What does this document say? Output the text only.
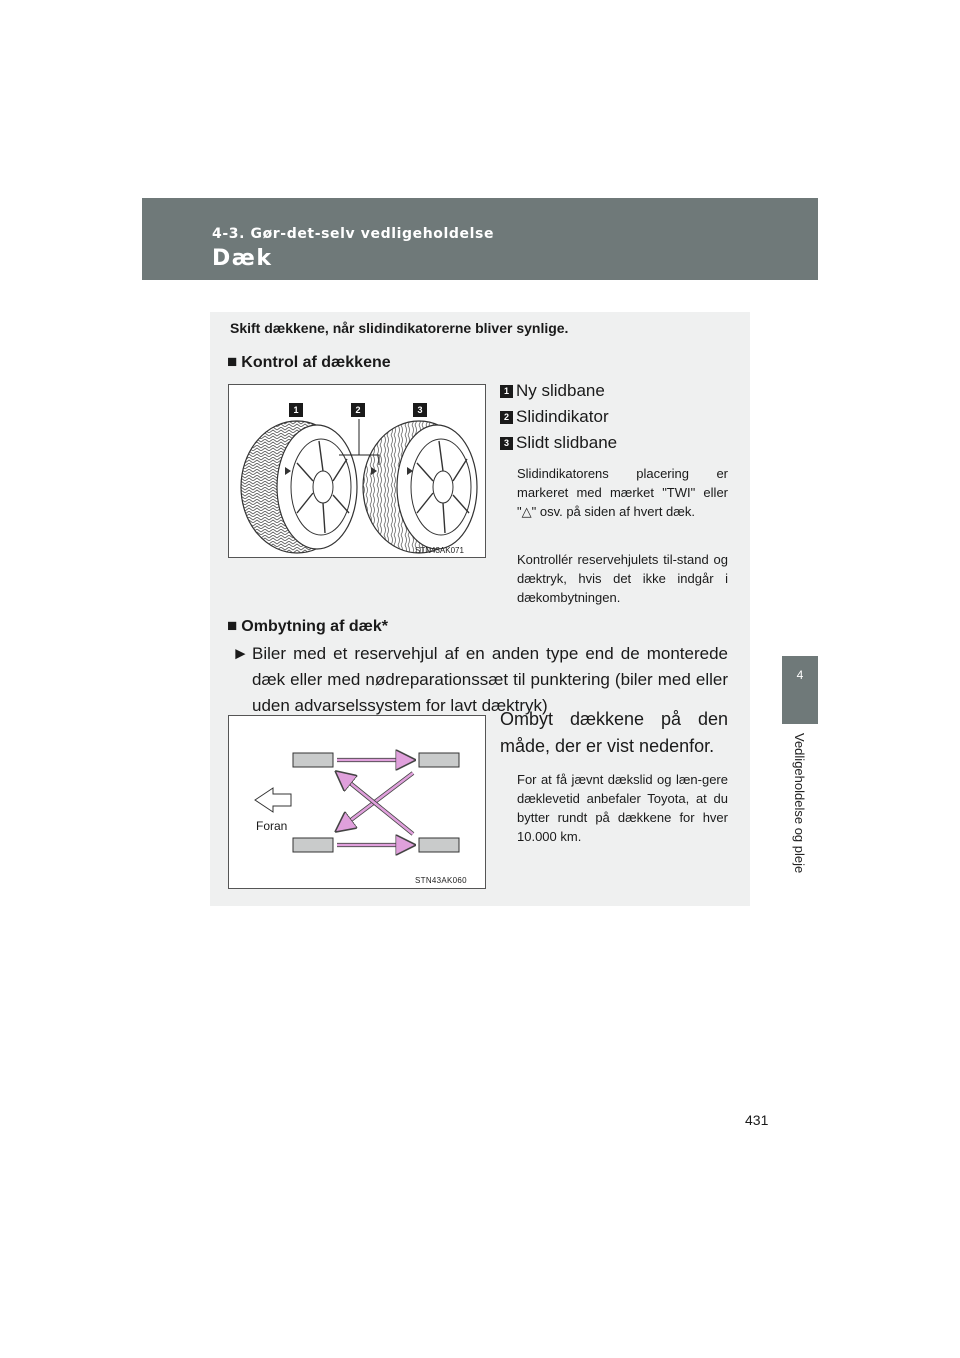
4-3. Gør-det-selv vedligeholdelse
Dæk
4
Vedligeholdelse og pleje
Skift dækkene, når slidindikatorerne bliver synlige.
■ Kontrol af dækkene
STN43AK071
1	2	3
1 Ny slidbane
2 Slidindikator
3 Slidt slidbane
Slidindikatorens placering er markeret med mærket "TWI" eller "△" osv. på siden af hvert dæk.
Kontrollér reservehjulets til-stand og dæktryk, hvis det ikke indgår i dækombytningen.
■ Ombytning af dæk*
► Biler med et reservehjul af en anden type end de monterede dæk eller med nødreparationssæt til punktering (biler med eller uden advarselssystem for lavt dæktryk)
Foran
STN43AK060
Ombyt dækkene på den måde, der er vist nedenfor.
For at få jævnt dækslid og læn-gere dæklevetid anbefaler Toyota, at du bytter rundt på dækkene for hver 10.000 km.
431
